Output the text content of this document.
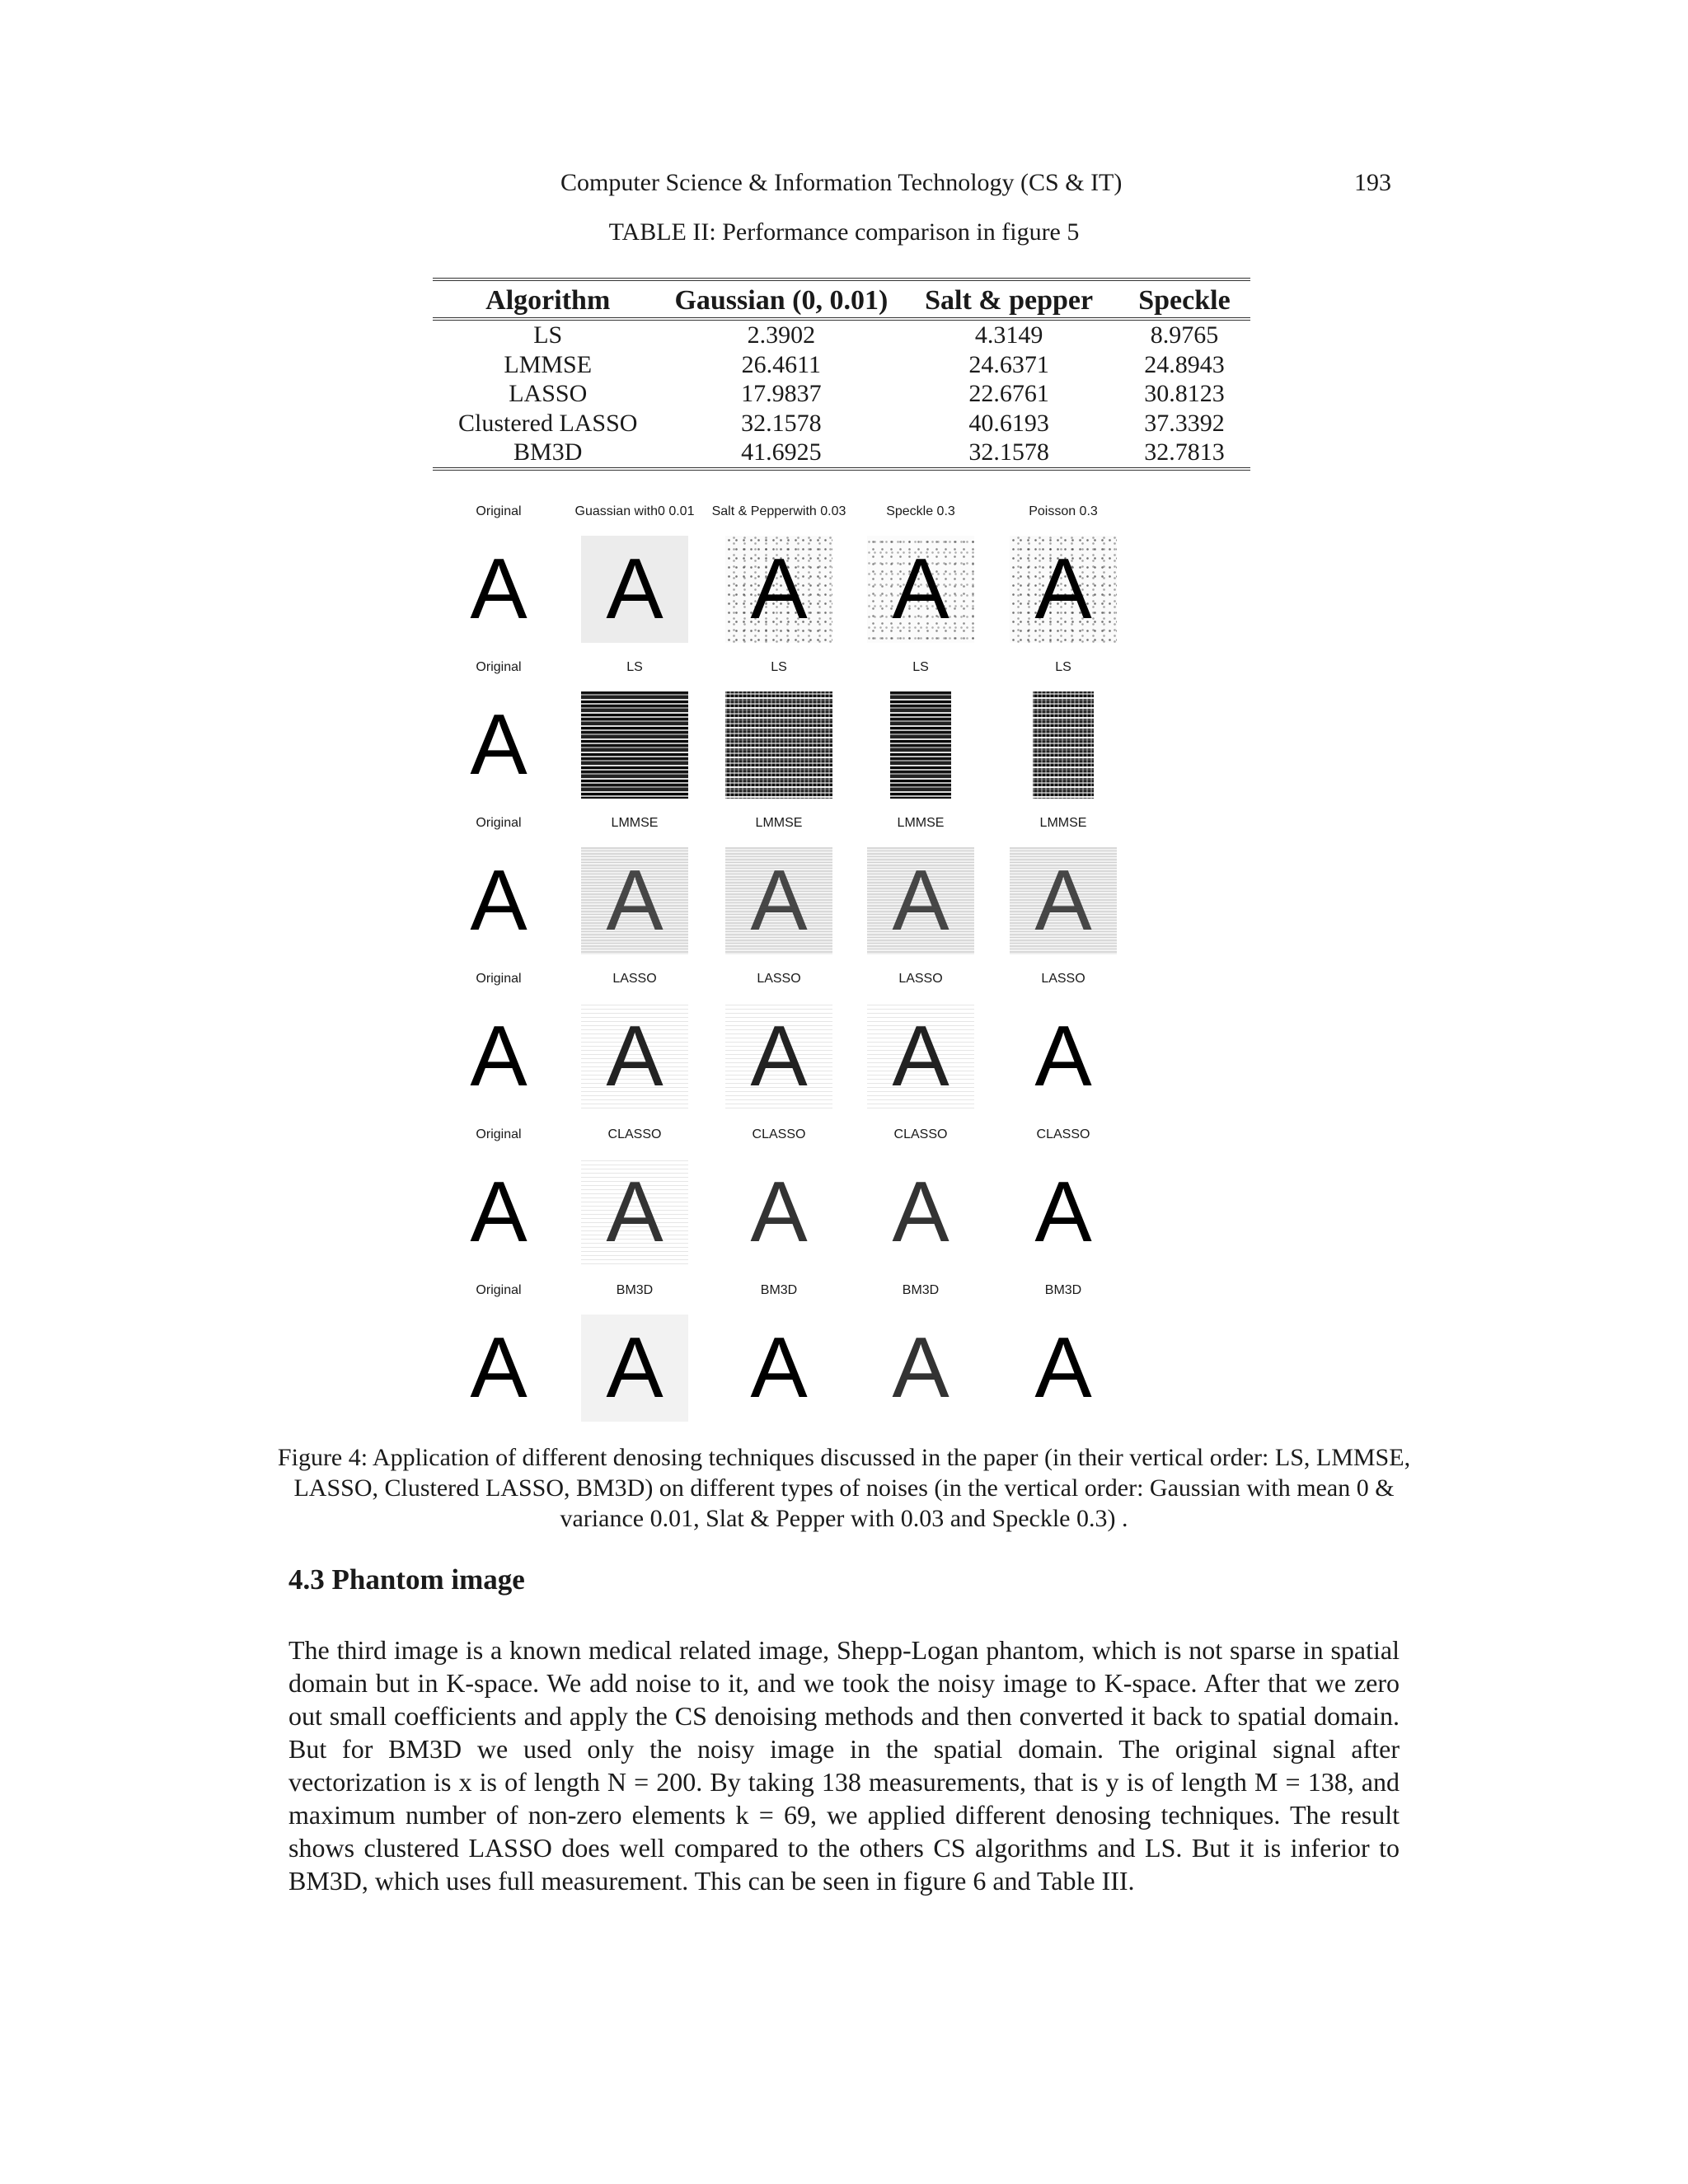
Computer Science & Information Technology (CS & IT)	193
TABLE II: Performance comparison in figure 5
Algorithm	Gaussian (0, 0.01)	Salt & pepper	Speckle
LS	2.3902	4.3149	8.9765
LMMSE	26.4611	24.6371	24.8943
LASSO	17.9837	22.6761	30.8123
Clustered LASSO	32.1578	40.6193	37.3392
BM3D	41.6925	32.1578	32.7813
Original
A
Guassian with0 0.01
A
Salt & Pepperwith 0.03
A
Speckle 0.3
A
Poisson 0.3
A
Original
A
LS	LS	LS	LS
Original
A
LMMSE
A
LMMSE
A
LMMSE
A
LMMSE
A
Original
A
LASSO
A
LASSO
A
LASSO
A
LASSO
A
Original
A
CLASSO
A
CLASSO
A
CLASSO
A
CLASSO
A
Original
A
BM3D
A
BM3D
A
BM3D
A
BM3D
A
Figure 4: Application of different denosing techniques discussed in the paper (in their vertical order: LS, LMMSE, LASSO, Clustered LASSO, BM3D) on different types of noises (in the vertical order: Gaussian with mean 0 & variance 0.01, Slat & Pepper with 0.03 and Speckle 0.3) .
4.3 Phantom image
The third image is a known medical related image, Shepp-Logan phantom, which is not sparse in spatial domain but in K-space. We add noise to it, and we took the noisy image to K-space. After that we zero out small coefficients and apply the CS denoising methods and then converted it back to spatial domain. But for BM3D we used only the noisy image in the spatial domain. The original signal after vectorization is x is of length N = 200. By taking 138 measurements, that is y is of length M = 138, and maximum number of non-zero elements k = 69, we applied different denosing techniques. The result shows clustered LASSO does well compared to the others CS algorithms and LS. But it is inferior to BM3D, which uses full measurement. This can be seen in figure 6 and Table III.
